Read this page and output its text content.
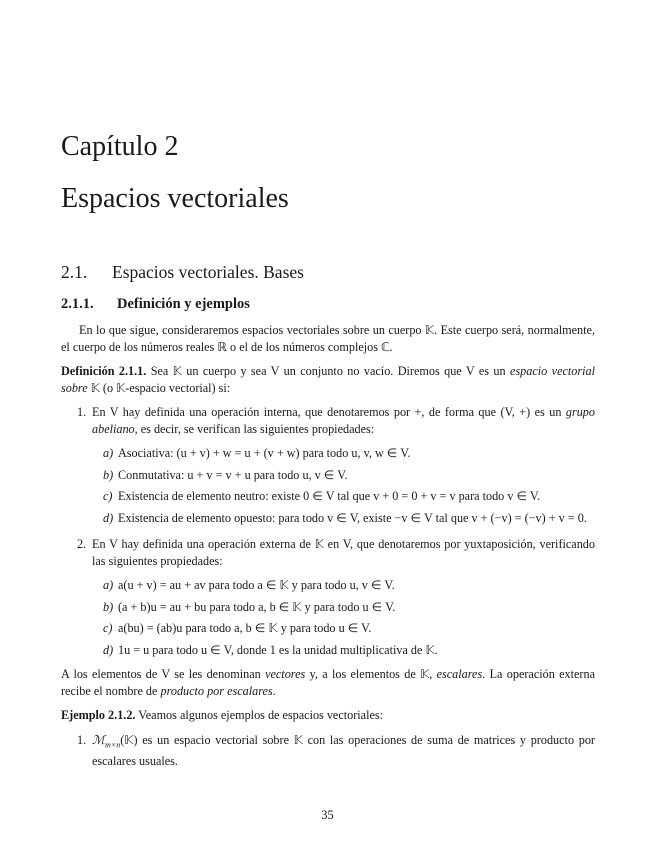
Capítulo 2
Espacios vectoriales
2.1. Espacios vectoriales. Bases
2.1.1. Definición y ejemplos

En lo que sigue, consideraremos espacios vectoriales sobre un cuerpo 𝕂. Este cuerpo será, normalmente, el cuerpo de los números reales ℝ o el de los números complejos ℂ.

Definición 2.1.1. Sea 𝕂 un cuerpo y sea V un conjunto no vacío. Diremos que V es un espacio vectorial sobre 𝕂 (o 𝕂-espacio vectorial) si:

1. En V hay definida una operación interna, que denotaremos por +, de forma que (V, +) es un grupo abeliano, es decir, se verifican las siguientes propiedades:
a) Asociativa: (u + v) + w = u + (v + w) para todo u, v, w ∈ V.
b) Conmutativa: u + v = v + u para todo u, v ∈ V.
c) Existencia de elemento neutro: existe 0 ∈ V tal que v + 0 = 0 + v = v para todo v ∈ V.
d) Existencia de elemento opuesto: para todo v ∈ V, existe −v ∈ V tal que v + (−v) = (−v) + v = 0.
2. En V hay definida una operación externa de 𝕂 en V, que denotaremos por yuxtaposición, verificando las siguientes propiedades:
a) a(u + v) = au + av para todo a ∈ 𝕂 y para todo u, v ∈ V.
b) (a + b)u = au + bu para todo a, b ∈ 𝕂 y para todo u ∈ V.
c) a(bu) = (ab)u para todo a, b ∈ 𝕂 y para todo u ∈ V.
d) 1u = u para todo u ∈ V, donde 1 es la unidad multiplicativa de 𝕂.

A los elementos de V se les denominan vectores y, a los elementos de 𝕂, escalares. La operación externa recibe el nombre de producto por escalares.

Ejemplo 2.1.2. Veamos algunos ejemplos de espacios vectoriales:

1. ℳ$_{m\times n}$(𝕂) es un espacio vectorial sobre 𝕂 con las operaciones de suma de matrices y producto por escalares usuales.
35
